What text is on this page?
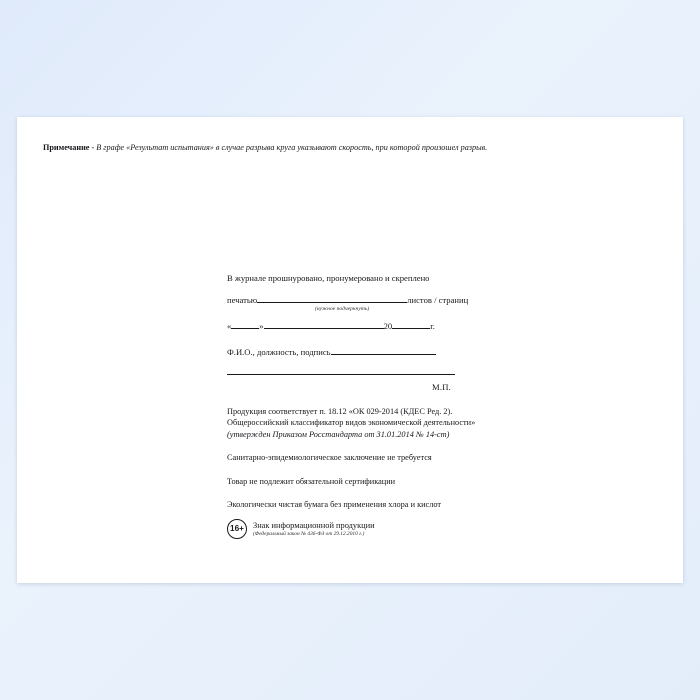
Примечание - В графе «Результат испытания» в случае разрыва круга указывают скорость, при которой произошел разрыв.
В журнале прошнуровано, пронумеровано и скреплено
печатью	листов / страниц
(нужное подчеркнуть)
«	»	20	г.
Ф.И.О., должность, подпись
М.П.
Продукция соответствует п. 18.12 «ОК 029-2014 (КДЕС Ред. 2).
Общероссийский классификатор видов экономической деятельности»
(утвержден Приказом Росстандарта от 31.01.2014 № 14-ст)
Санитарно-эпидемиологическое заключение не требуется
Товар не подлежит обязательной сертификации
Экологически чистая бумага без применения хлора и кислот
16+	Знак информационной продукции
(Федеральный закон № 436-ФЗ от 29.12.2010 г.)
